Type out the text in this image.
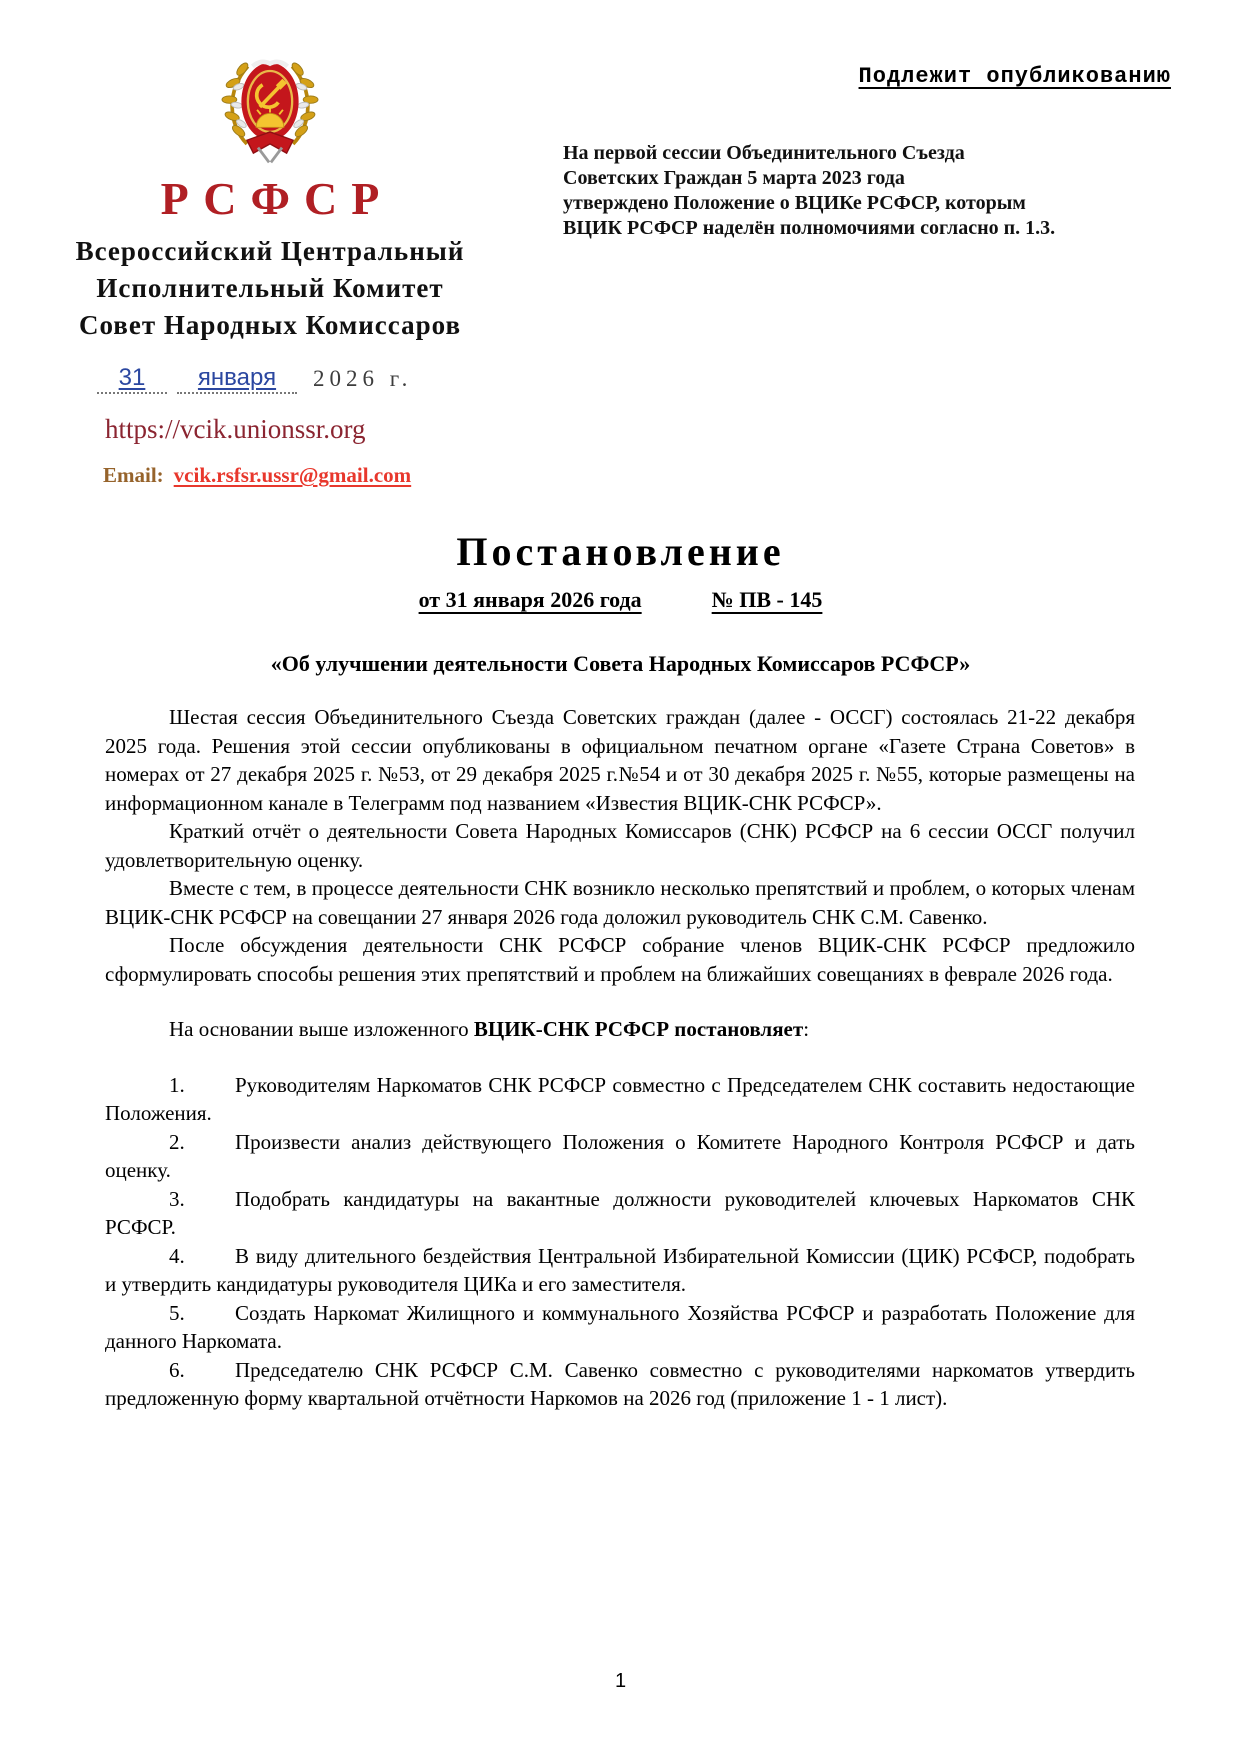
РСФСР
Всероссийский Центральный
Исполнительный Комитет
Совет Народных Комиссаров
31	января	2026 г.
https://vcik.unionssr.org
Email: vcik.rsfsr.ussr@gmail.com
Подлежит опубликованию
На первой сессии Объединительного Съезда
Советских Граждан 5 марта 2023 года
утверждено Положение о ВЦИКе РСФСР, которым
ВЦИК РСФСР наделён полномочиями согласно п. 1.3.
Постановление
от 31 января 2026 года	№ ПВ - 145
«Об улучшении деятельности Совета Народных Комиссаров РСФСР»

Шестая сессия Объединительного Съезда Советских граждан (далее - ОССГ) состоялась 21-22 декабря 2025 года. Решения этой сессии опубликованы в официальном печатном органе «Газете Страна Советов» в номерах от 27 декабря 2025 г. №53, от 29 декабря 2025 г.№54 и от 30 декабря 2025 г. №55, которые размещены на информационном канале в Телеграмм под названием «Известия ВЦИК-СНК РСФСР».

Краткий отчёт о деятельности Совета Народных Комиссаров (СНК) РСФСР на 6 сессии ОССГ получил удовлетворительную оценку.

Вместе с тем, в процессе деятельности СНК возникло несколько препятствий и проблем, о которых членам ВЦИК-СНК РСФСР на совещании 27 января 2026 года доложил руководитель СНК С.М. Савенко.

После обсуждения деятельности СНК РСФСР собрание членов ВЦИК-СНК РСФСР предложило сформулировать способы решения этих препятствий и проблем на ближайших совещаниях в феврале 2026 года.

На основании выше изложенного ВЦИК-СНК РСФСР постановляет:

1. Руководителям Наркоматов СНК РСФСР совместно с Председателем СНК составить недостающие Положения.

2. Произвести анализ действующего Положения о Комитете Народного Контроля РСФСР и дать оценку.

3. Подобрать кандидатуры на вакантные должности руководителей ключевых Наркоматов СНК РСФСР.

4. В виду длительного бездействия Центральной Избирательной Комиссии (ЦИК) РСФСР, подобрать и утвердить кандидатуры руководителя ЦИКа и его заместителя.

5. Создать Наркомат Жилищного и коммунального Хозяйства РСФСР и разработать Положение для данного Наркомата.

6. Председателю СНК РСФСР С.М. Савенко совместно с руководителями наркоматов утвердить предложенную форму квартальной отчётности Наркомов на 2026 год (приложение 1 - 1 лист).

1
